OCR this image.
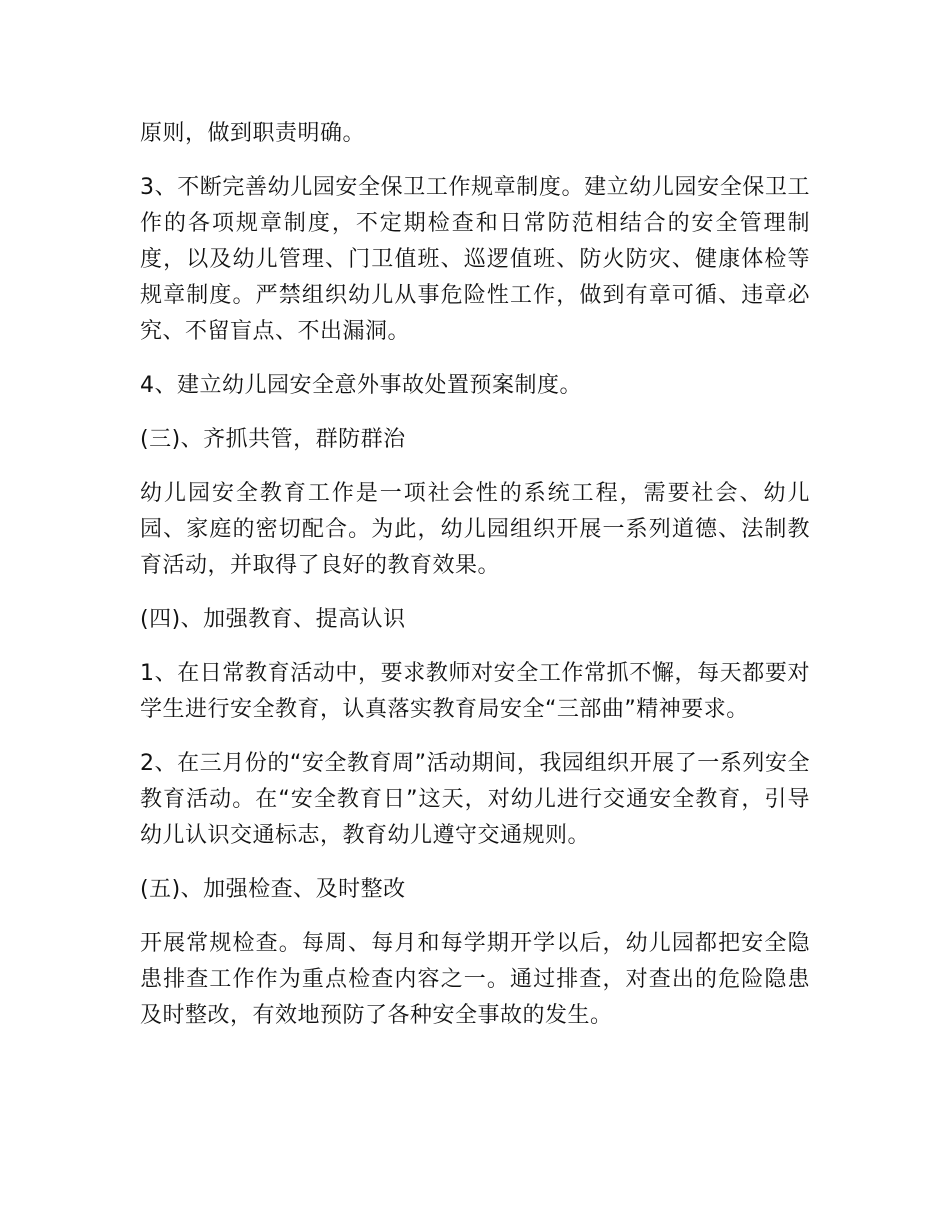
原则，做到职责明确。

3、不断完善幼儿园安全保卫工作规章制度。建立幼儿园安全保卫工作的各项规章制度，不定期检查和日常防范相结合的安全管理制度，以及幼儿管理、门卫值班、巡逻值班、防火防灾、健康体检等规章制度。严禁组织幼儿从事危险性工作，做到有章可循、违章必究、不留盲点、不出漏洞。

4、建立幼儿园安全意外事故处置预案制度。

(三)、齐抓共管，群防群治

幼儿园安全教育工作是一项社会性的系统工程，需要社会、幼儿园、家庭的密切配合。为此，幼儿园组织开展一系列道德、法制教育活动，并取得了良好的教育效果。

(四)、加强教育、提高认识

1、在日常教育活动中，要求教师对安全工作常抓不懈，每天都要对学生进行安全教育，认真落实教育局安全“三部曲”精神要求。

2、在三月份的“安全教育周”活动期间，我园组织开展了一系列安全教育活动。在“安全教育日”这天，对幼儿进行交通安全教育，引导幼儿认识交通标志，教育幼儿遵守交通规则。

(五)、加强检查、及时整改

开展常规检查。每周、每月和每学期开学以后，幼儿园都把安全隐患排查工作作为重点检查内容之一。通过排查，对查出的危险隐患及时整改，有效地预防了各种安全事故的发生。
